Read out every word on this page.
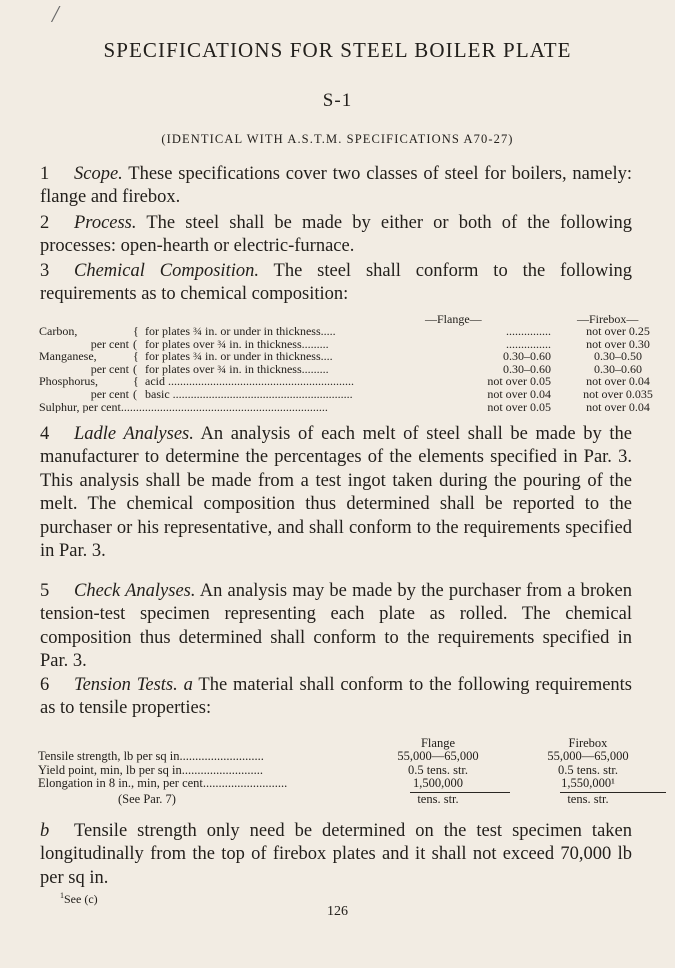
/
SPECIFICATIONS FOR STEEL BOILER PLATE
S-1
(IDENTICAL WITH A.S.T.M. SPECIFICATIONS A70-27)
1 Scope. These specifications cover two classes of steel for boilers, namely: flange and firebox.
2 Process. The steel shall be made by either or both of the following processes: open-hearth or electric-furnace.
3 Chemical Composition. The steel shall conform to the following requirements as to chemical composition:
—Flange—	—Firebox—
Carbon,	{ for plates ¾ in. or under in thickness.....	...............	not over 0.25
per cent ( for plates over ¾ in. in thickness.........	...............	not over 0.30
Manganese,	{ for plates ¾ in. or under in thickness....	0.30–0.60	0.30–0.50
per cent ( for plates over ¾ in. in thickness.........	0.30–0.60	0.30–0.60
Phosphorus,	{ acid ..............................................................	not over 0.05	not over 0.04
per cent ( basic ............................................................	not over 0.04	not over 0.035
Sulphur, per cent.....................................................................	not over 0.05	not over 0.04
4 Ladle Analyses. An analysis of each melt of steel shall be made by the manufacturer to determine the percentages of the elements specified in Par. 3. This analysis shall be made from a test ingot taken during the pouring of the melt. The chemical composition thus determined shall be reported to the purchaser or his representative, and shall conform to the requirements specified in Par. 3.
5 Check Analyses. An analysis may be made by the purchaser from a broken tension-test specimen representing each plate as rolled. The chemical composition thus determined shall conform to the requirements specified in Par. 3.
6 Tension Tests. a The material shall conform to the following requirements as to tensile properties:
Flange	Firebox
Tensile strength, lb per sq in...........................	55,000—65,000	55,000—65,000
Yield point, min, lb per sq in..........................	0.5 tens. str.	0.5 tens. str.
Elongation in 8 in., min, per cent...........................	1,500,000	1,550,000¹
(See Par. 7)	tens. str.	tens. str.
b Tensile strength only need be determined on the test specimen taken longitudinally from the top of firebox plates and it shall not exceed 70,000 lb per sq in.
$^1$See (c)
126
